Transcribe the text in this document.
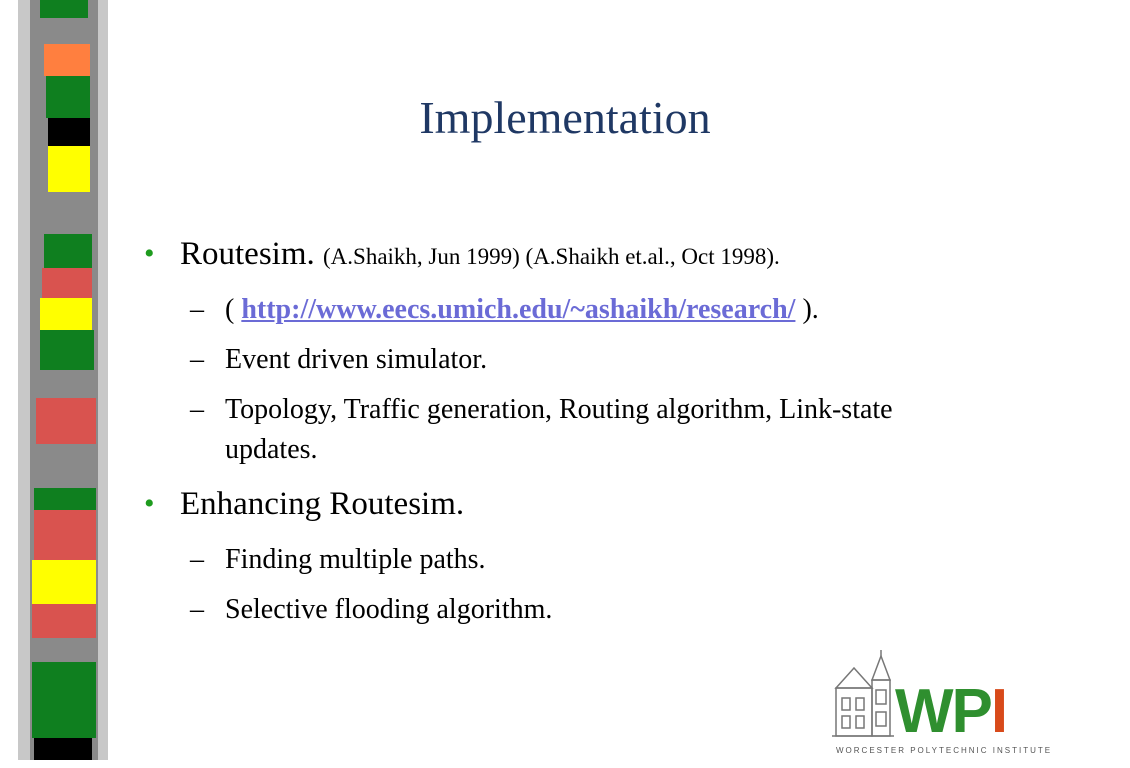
Implementation
• Routesim. (A.Shaikh, Jun 1999) (A.Shaikh et.al., Oct 1998).
– ( http://www.eecs.umich.edu/~ashaikh/research/ ).
– Event driven simulator.
– Topology, Traffic generation, Routing algorithm, Link-state updates.
• Enhancing Routesim.
– Finding multiple paths.
– Selective flooding algorithm.
WPI
WORCESTER POLYTECHNIC INSTITUTE
